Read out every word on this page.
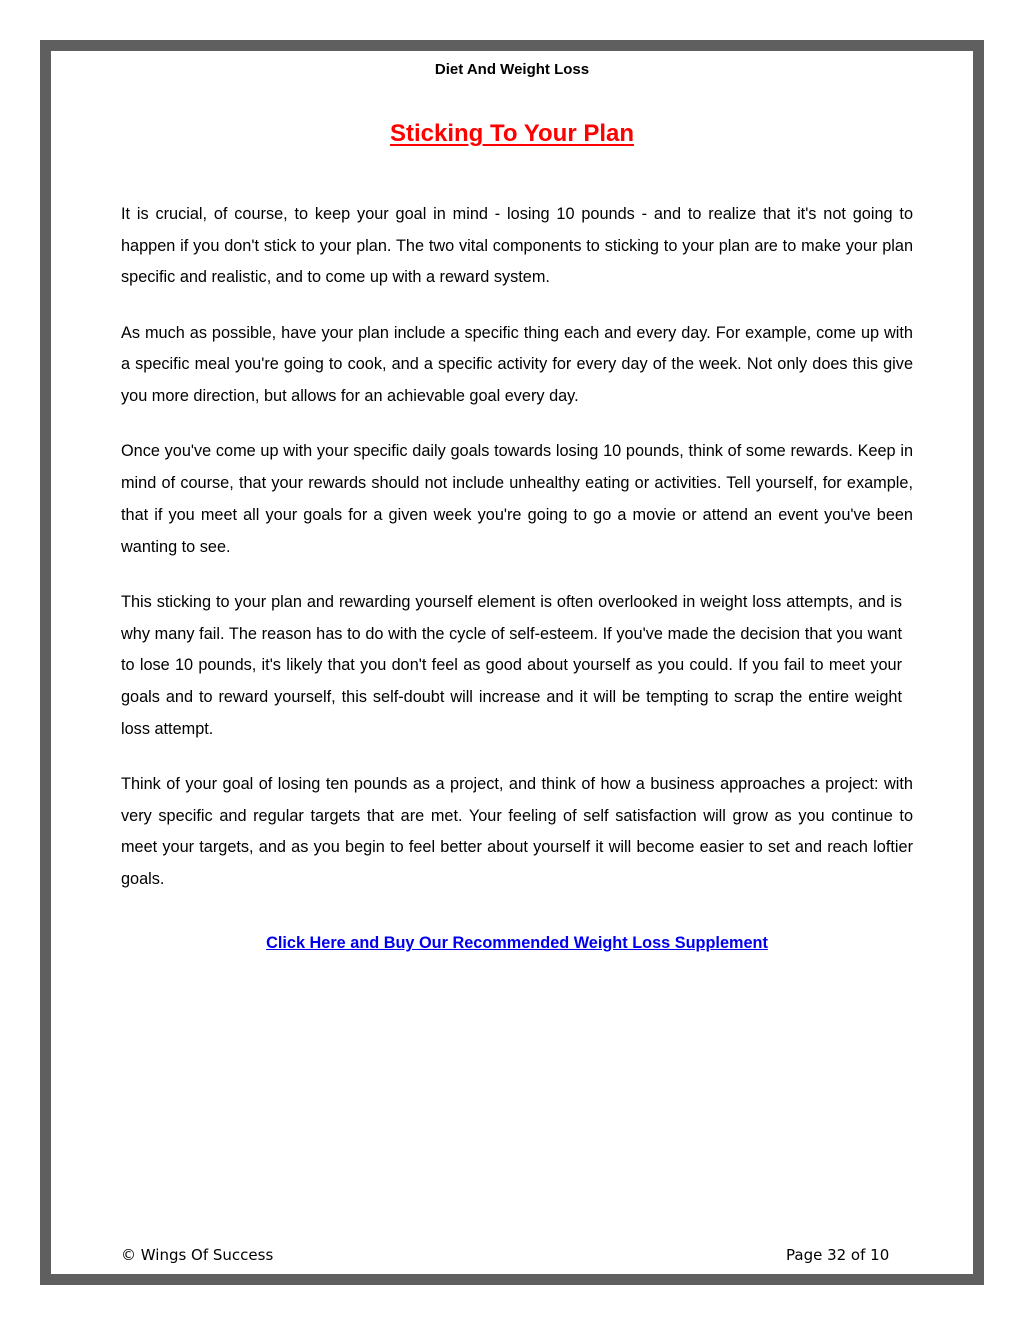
Diet And Weight Loss
Sticking To Your Plan

It is crucial, of course, to keep your goal in mind - losing 10 pounds - and to realize that it's not going to happen if you don't stick to your plan. The two vital components to sticking to your plan are to make your plan specific and realistic, and to come up with a reward system.

As much as possible, have your plan include a specific thing each and every day. For example, come up with a specific meal you're going to cook, and a specific activity for every day of the week. Not only does this give you more direction, but allows for an achievable goal every day.

Once you've come up with your specific daily goals towards losing 10 pounds, think of some rewards. Keep in mind of course, that your rewards should not include unhealthy eating or activities. Tell yourself, for example, that if you meet all your goals for a given week you're going to go a movie or attend an event you've been wanting to see.

This sticking to your plan and rewarding yourself element is often overlooked in weight loss attempts, and is why many fail. The reason has to do with the cycle of self-esteem. If you've made the decision that you want to lose 10 pounds, it's likely that you don't feel as good about yourself as you could. If you fail to meet your goals and to reward yourself, this self-doubt will increase and it will be tempting to scrap the entire weight loss attempt.

Think of your goal of losing ten pounds as a project, and think of how a business approaches a project: with very specific and regular targets that are met. Your feeling of self satisfaction will grow as you continue to meet your targets, and as you begin to feel better about yourself it will become easier to set and reach loftier goals.

Click Here and Buy Our Recommended Weight Loss Supplement
© Wings Of Success	Page 32 of 10
